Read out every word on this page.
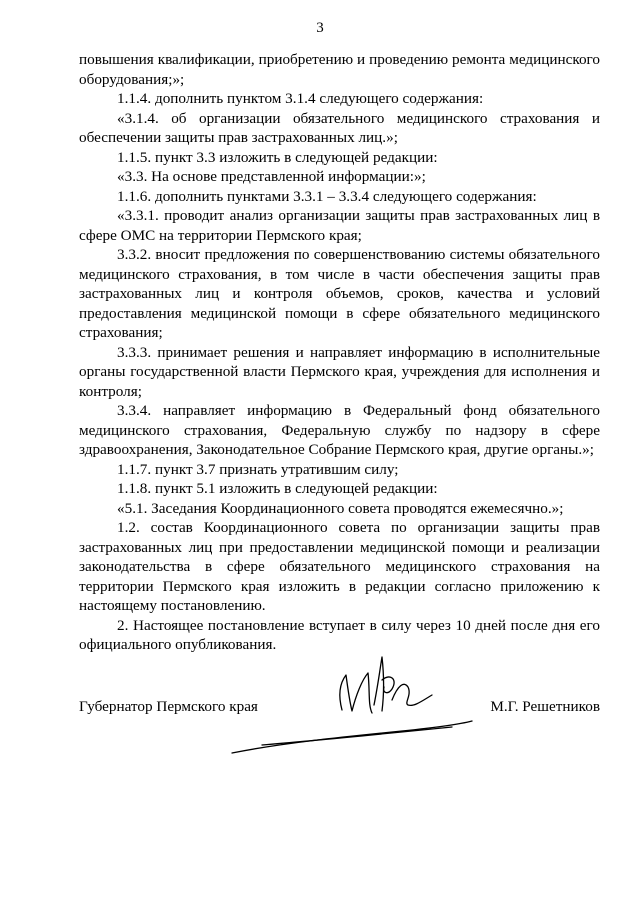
3

повышения квалификации, приобретению и проведению ремонта медицинского оборудования;»;

1.1.4. дополнить пунктом 3.1.4 следующего содержания:

«3.1.4. об организации обязательного медицинского страхования и обеспечении защиты прав застрахованных лиц.»;

1.1.5. пункт 3.3 изложить в следующей редакции:

«3.3. На основе представленной информации:»;

1.1.6. дополнить пунктами 3.3.1 – 3.3.4 следующего содержания:

«3.3.1. проводит анализ организации защиты прав застрахованных лиц в сфере ОМС на территории Пермского края;

3.3.2. вносит предложения по совершенствованию системы обязательного медицинского страхования, в том числе в части обеспечения защиты прав застрахованных лиц и контроля объемов, сроков, качества и условий предоставления медицинской помощи в сфере обязательного медицинского страхования;

3.3.3. принимает решения и направляет информацию в исполнительные органы государственной власти Пермского края, учреждения для исполнения и контроля;

3.3.4. направляет информацию в Федеральный фонд обязательного медицинского страхования, Федеральную службу по надзору в сфере здравоохранения, Законодательное Собрание Пермского края, другие органы.»;

1.1.7. пункт 3.7 признать утратившим силу;

1.1.8. пункт 5.1 изложить в следующей редакции:

«5.1. Заседания Координационного совета проводятся ежемесячно.»;

1.2. состав Координационного совета по организации защиты прав застрахованных лиц при предоставлении медицинской помощи и реализации законодательства в сфере обязательного медицинского страхования на территории Пермского края изложить в редакции согласно приложению к настоящему постановлению.

2. Настоящее постановление вступает в силу через 10 дней после дня его официального опубликования.

Губернатор Пермского края	М.Г. Решетников
